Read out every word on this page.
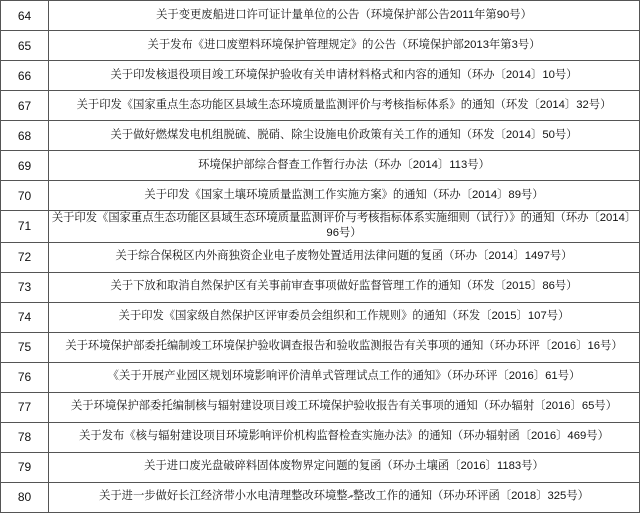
64	关于变更废船进口许可证计量单位的公告（环境保护部公告2011年第90号）

65	关于发布《进口废塑料环境保护管理规定》的公告（环境保护部2013年第3号）

66	关于印发核退役项目竣工环境保护验收有关申请材料格式和内容的通知（环办〔2014〕10号）

67	关于印发《国家重点生态功能区县域生态环境质量监测评价与考核指标体系》的通知（环发〔2014〕32号）

68	关于做好燃煤发电机组脱硫、脱硝、除尘设施电价政策有关工作的通知（环发〔2014〕50号）

69	环境保护部综合督查工作暂行办法（环办〔2014〕113号）

70	关于印发《国家土壤环境质量监测工作实施方案》的通知（环办〔2014〕89号）

71	关于印发《国家重点生态功能区县域生态环境质量监测评价与考核指标体系实施细则（试行）》的通知（环办〔2014〕96号）

72	关于综合保税区内外商独资企业电子废物处置适用法律问题的复函（环办〔2014〕1497号）

73	关于下放和取消自然保护区有关事前审查事项做好监督管理工作的通知（环发〔2015〕86号）

74	关于印发《国家级自然保护区评审委员会组织和工作规则》的通知（环发〔2015〕107号）

75	关于环境保护部委托编制竣工环境保护验收调查报告和验收监测报告有关事项的通知（环办环评〔2016〕16号）

76	《关于开展产业园区规划环境影响评价清单式管理试点工作的通知》（环办环评〔2016〕61号）

77	关于环境保护部委托编制核与辐射建设项目竣工环境保护验收报告有关事项的通知（环办辐射〔2016〕65号）

78	关于发布《核与辐射建设项目环境影响评价机构监督检查实施办法》的通知（环办辐射函〔2016〕469号）

79	关于进口废光盘破碎料固体废物界定问题的复函（环办土壤函〔2016〕1183号）

80	关于进一步做好长江经济带小水电清理整改环境整އ整改工作的通知（环办环评函〔2018〕325号）
